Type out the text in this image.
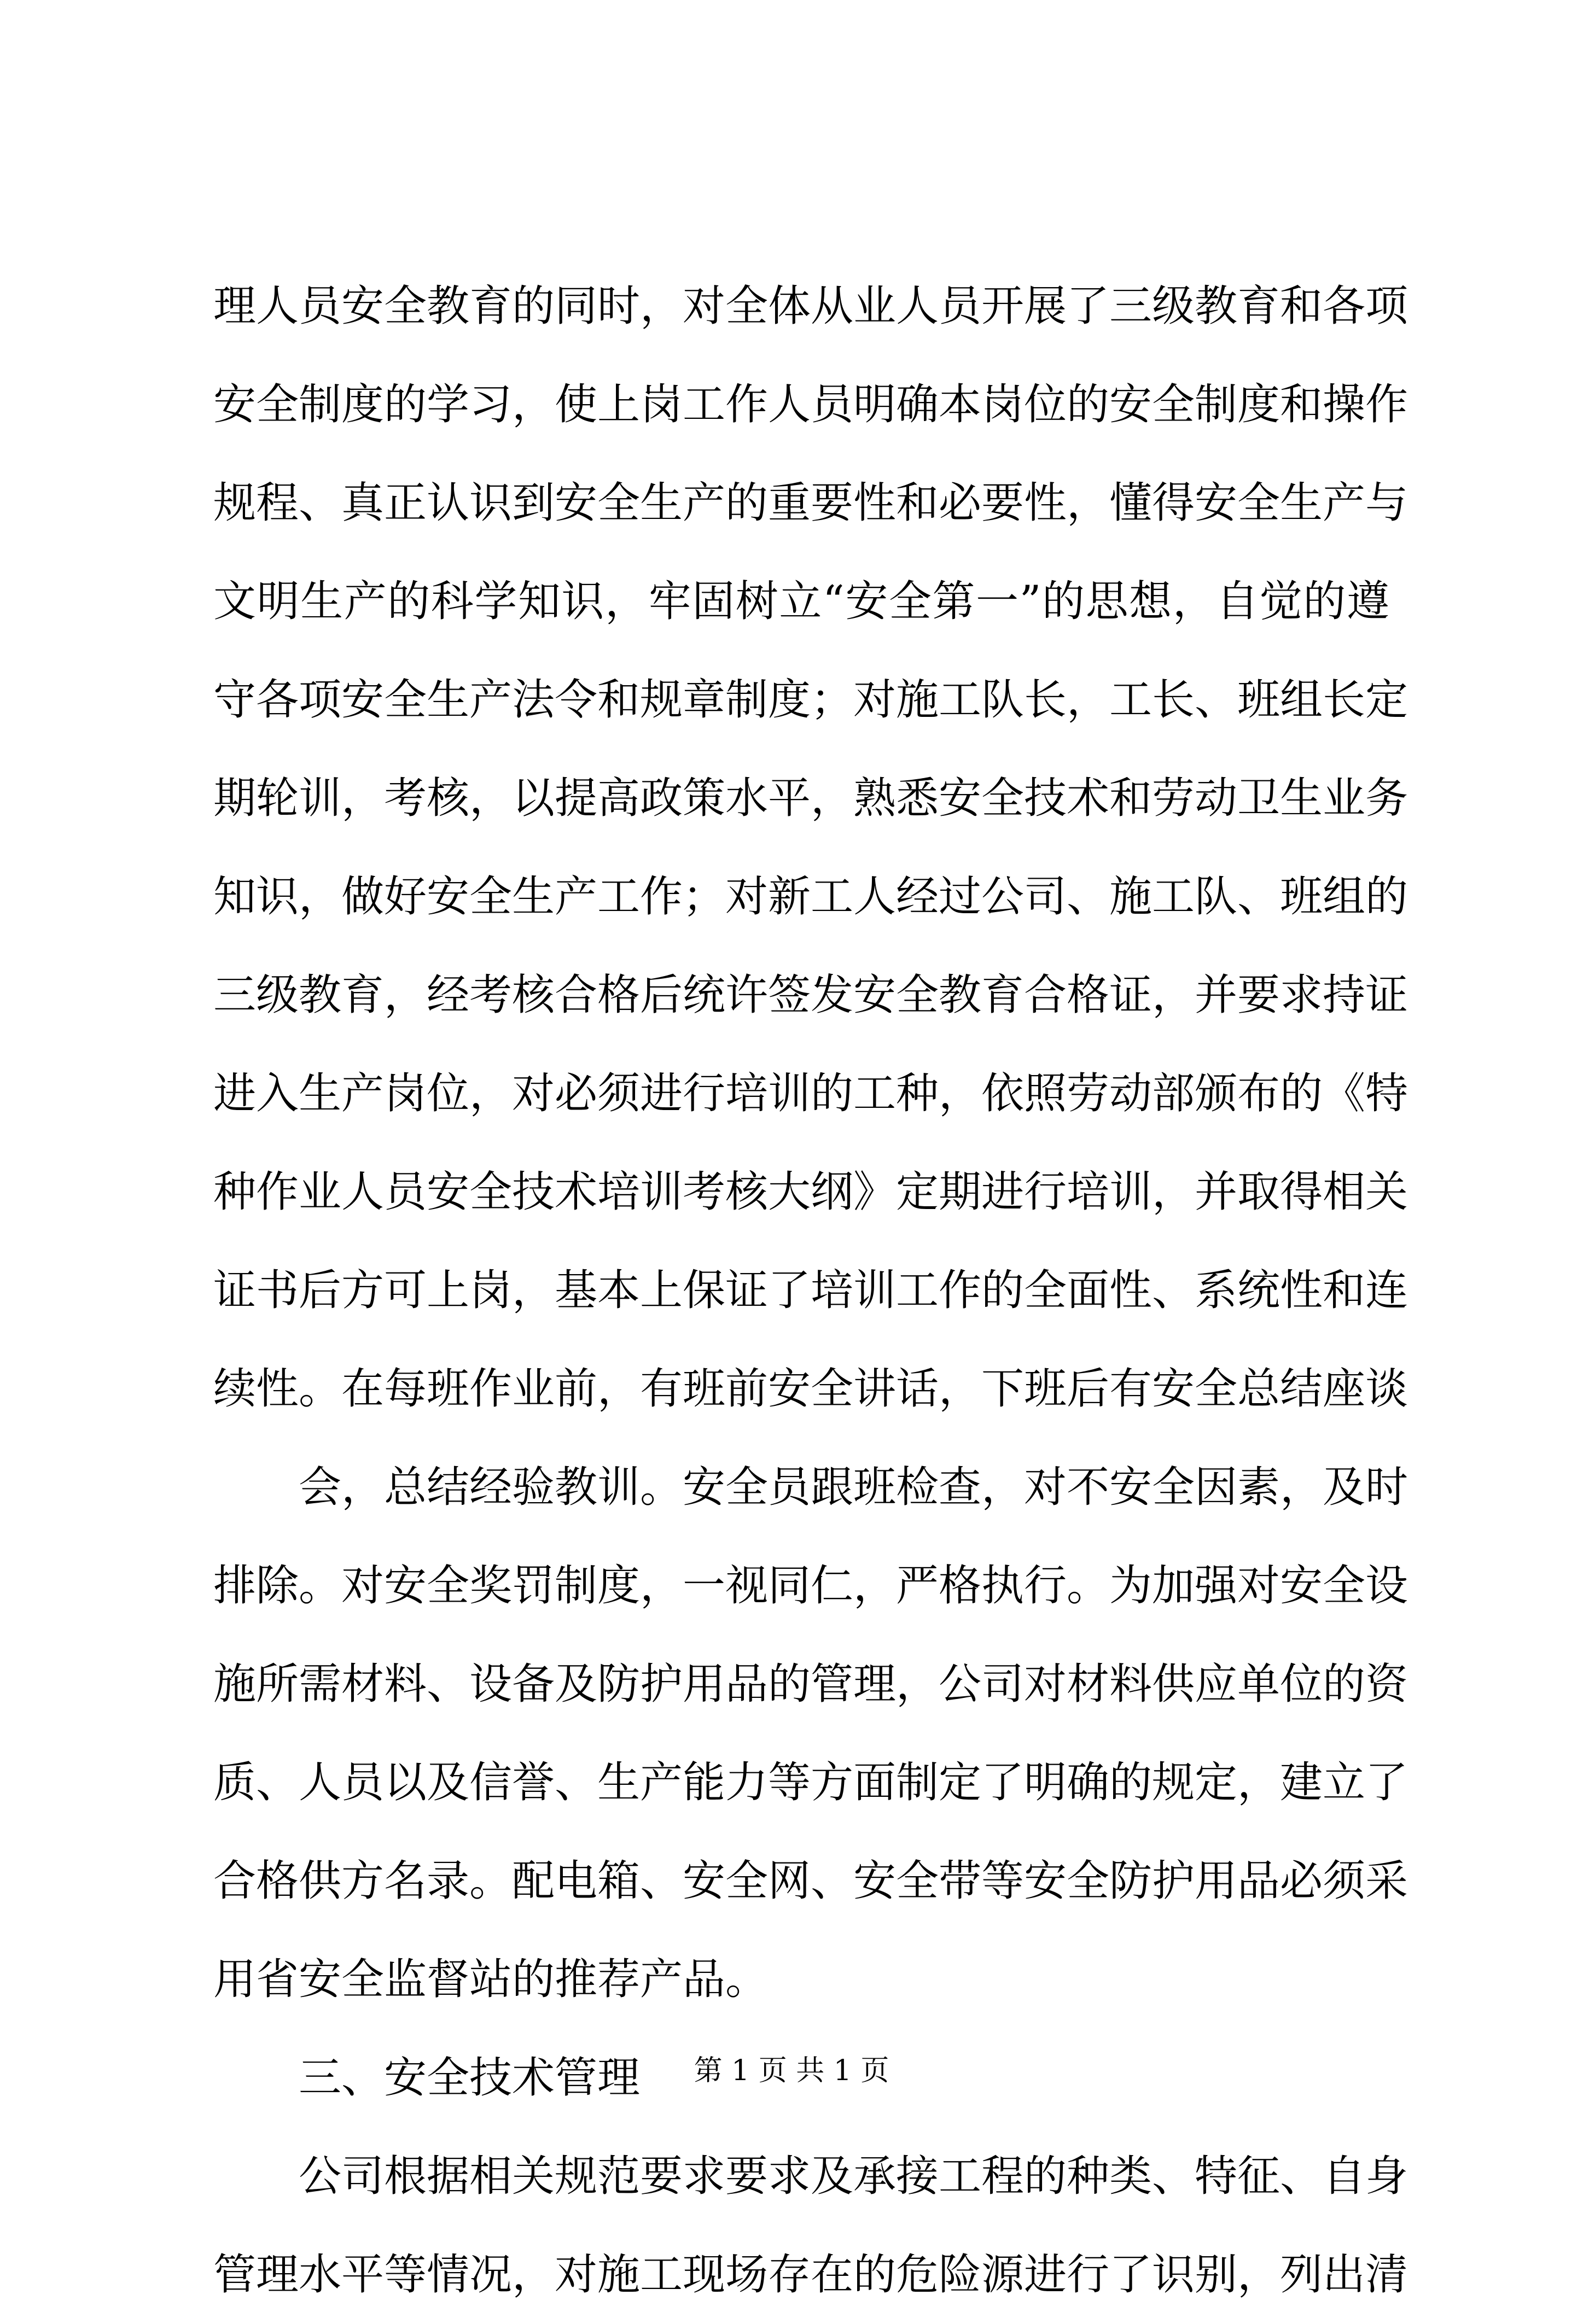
理人员安全教育的同时，对全体从业人员开展了三级教育和各项
安全制度的学习，使上岗工作人员明确本岗位的安全制度和操作
规程、真正认识到安全生产的重要性和必要性，懂得安全生产与
文明生产的科学知识，牢固树立“安全第一”的思想，自觉的遵
守各项安全生产法令和规章制度；对施工队长，工长、班组长定
期轮训，考核，以提高政策水平，熟悉安全技术和劳动卫生业务
知识，做好安全生产工作；对新工人经过公司、施工队、班组的
三级教育，经考核合格后统许签发安全教育合格证，并要求持证
进入生产岗位，对必须进行培训的工种，依照劳动部颁布的《特
种作业人员安全技术培训考核大纲》定期进行培训，并取得相关
证书后方可上岗，基本上保证了培训工作的全面性、系统性和连
续性。在每班作业前，有班前安全讲话，下班后有安全总结座谈
会，总结经验教训。安全员跟班检查，对不安全因素，及时
排除。对安全奖罚制度，一视同仁，严格执行。为加强对安全设
施所需材料、设备及防护用品的管理，公司对材料供应单位的资
质、人员以及信誉、生产能力等方面制定了明确的规定，建立了
合格供方名录。配电箱、安全网、安全带等安全防护用品必须采
用省安全监督站的推荐产品。
三、安全技术管理
公司根据相关规范要求要求及承接工程的种类、特征、自身
管理水平等情况，对施工现场存在的危险源进行了识别，列出清
第 1 页 共 1 页
